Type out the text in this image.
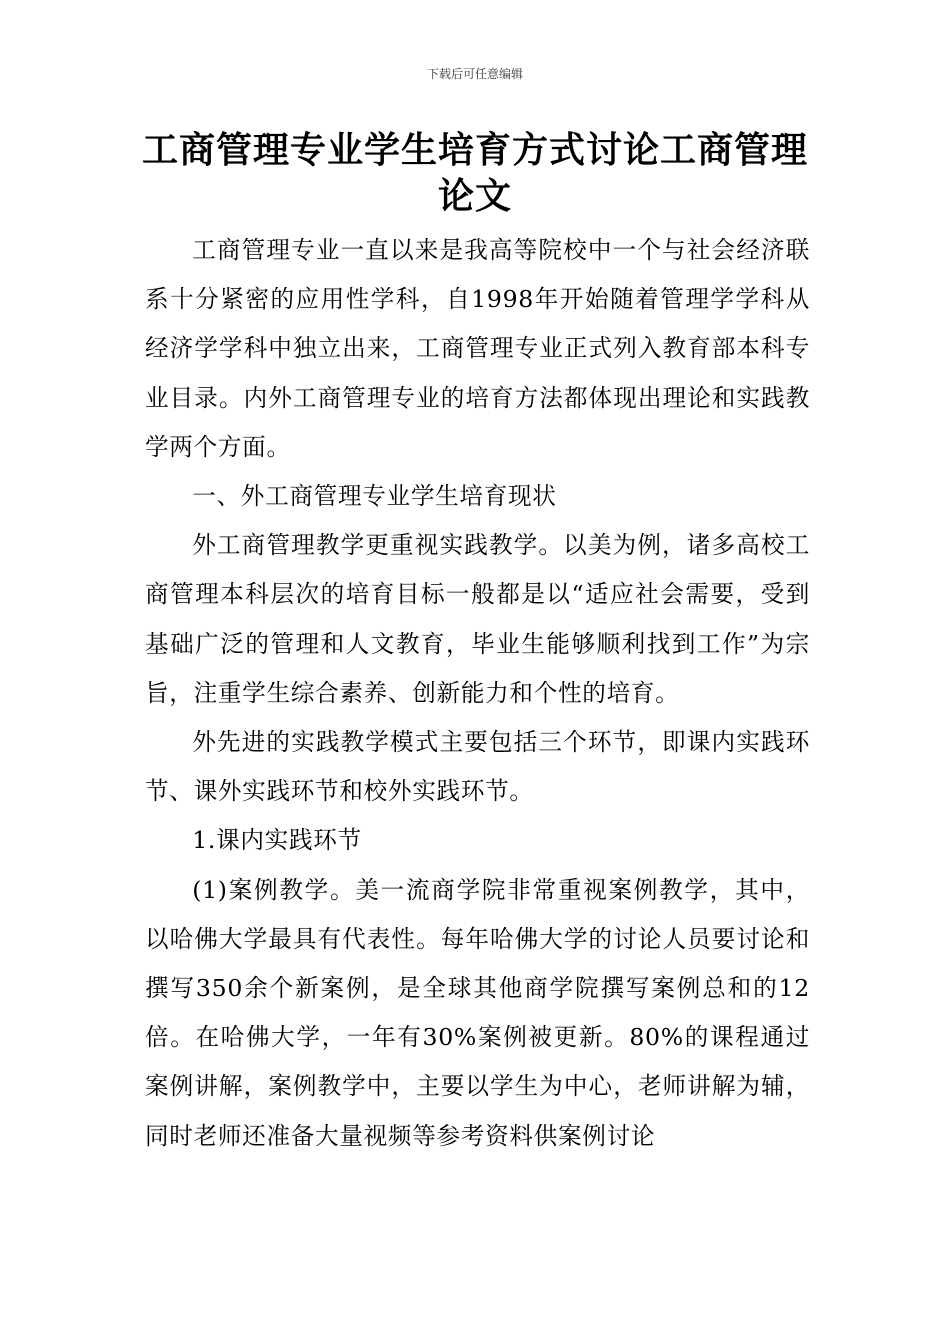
下载后可任意编辑
工商管理专业学生培育方式讨论工商管理论文

工商管理专业一直以来是我高等院校中一个与社会经济联系十分紧密的应用性学科，自1998年开始随着管理学学科从经济学学科中独立出来，工商管理专业正式列入教育部本科专业目录。内外工商管理专业的培育方法都体现出理论和实践教学两个方面。

一、外工商管理专业学生培育现状

外工商管理教学更重视实践教学。以美为例，诸多高校工商管理本科层次的培育目标一般都是以“适应社会需要，受到基础广泛的管理和人文教育，毕业生能够顺利找到工作”为宗旨，注重学生综合素养、创新能力和个性的培育。

外先进的实践教学模式主要包括三个环节，即课内实践环节、课外实践环节和校外实践环节。

1.课内实践环节

(1)案例教学。美一流商学院非常重视案例教学，其中，以哈佛大学最具有代表性。每年哈佛大学的讨论人员要讨论和撰写350余个新案例，是全球其他商学院撰写案例总和的12倍。在哈佛大学，一年有30%案例被更新。80%的课程通过案例讲解，案例教学中，主要以学生为中心，老师讲解为辅，同时老师还准备大量视频等参考资料供案例讨论
